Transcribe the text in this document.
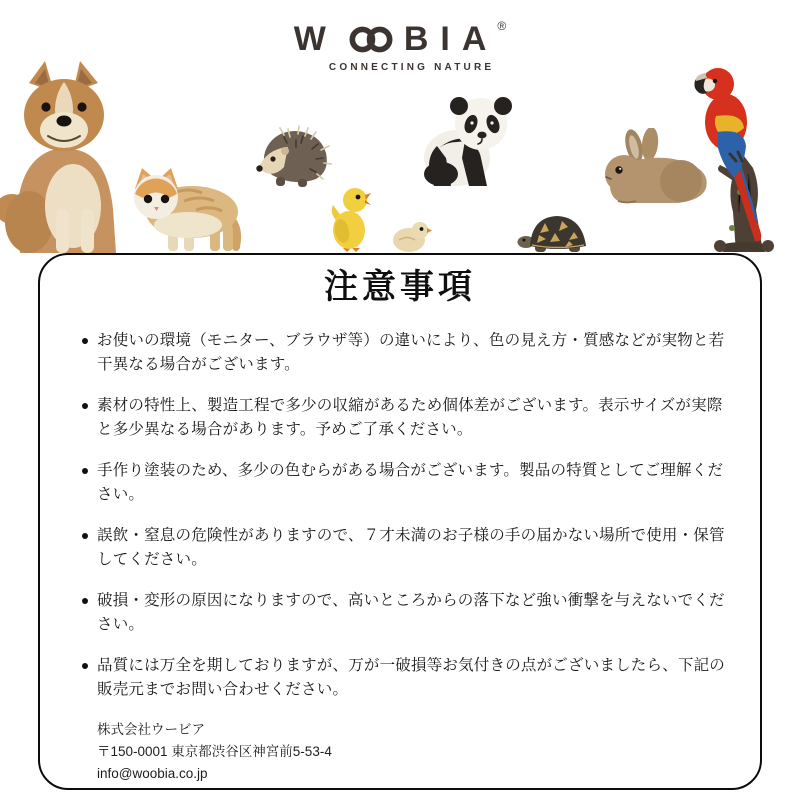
W BIA ®
CONNECTING NATURE
注意事項
お使いの環境（モニター、ブラウザ等）の違いにより、色の見え方・質感などが実物と若干異なる場合がございます。
素材の特性上、製造工程で多少の収縮があるため個体差がございます。表示サイズが実際と多少異なる場合があります。予めご了承ください。
手作り塗装のため、多少の色むらがある場合がございます。製品の特質としてご理解ください。
誤飲・窒息の危険性がありますので、７才未満のお子様の手の届かない場所で使用・保管してください。
破損・変形の原因になりますので、高いところからの落下など強い衝撃を与えないでください。
品質には万全を期しておりますが、万が一破損等お気付きの点がございましたら、下記の販売元までお問い合わせください。
株式会社ウービア
〒150-0001 東京都渋谷区神宮前5-53-4
info@woobia.co.jp
